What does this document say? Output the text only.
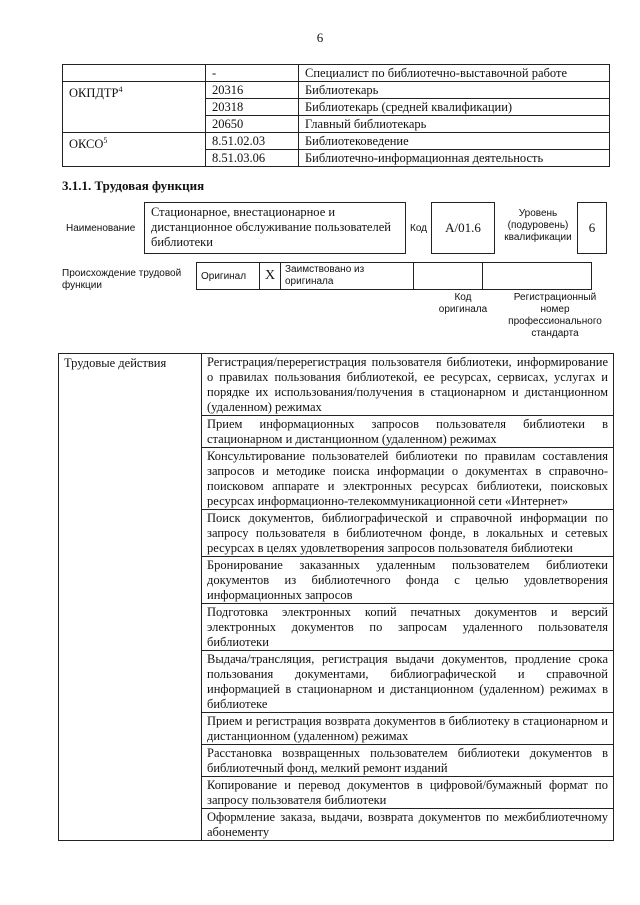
6
	-	Специалист по библиотечно-выставочной работе
ОКПДТР$^4$	20316	Библиотекарь
	20318	Библиотекарь (средней квалификации)
	20650	Главный библиотекарь
ОКСО$^5$	8.51.02.03	Библиотековедение
	8.51.03.06	Библиотечно-информационная деятельность
3.1.1. Трудовая функция
Наименование
Стационарное, внестационарное и дистанционное обслуживание пользователей библиотеки
Код	А/01.6
Уровень (подуровень) квалификации
6
Происхождение трудовой функции
Оригинал	X	Заимствовано из оригинала		
Код оригинала
Регистрационный номер профессионального стандарта
Трудовые действия	Регистрация/перерегистрация пользователя библиотеки, информирование о правилах пользования библиотекой, ее ресурсах, сервисах, услугах и порядке их использования/получения в стационарном и дистанционном (удаленном) режимах
Прием информационных запросов пользователя библиотеки в стационарном и дистанционном (удаленном) режимах
Консультирование пользователей библиотеки по правилам составления запросов и методике поиска информации о документах в справочно-поисковом аппарате и электронных ресурсах библиотеки, поисковых ресурсах информационно-телекоммуникационной сети «Интернет»
Поиск документов, библиографической и справочной информации по запросу пользователя в библиотечном фонде, в локальных и сетевых ресурсах в целях удовлетворения запросов пользователя библиотеки
Бронирование заказанных удаленным пользователем библиотеки документов из библиотечного фонда с целью удовлетворения информационных запросов
Подготовка электронных копий печатных документов и версий электронных документов по запросам удаленного пользователя библиотеки
Выдача/трансляция, регистрация выдачи документов, продление срока пользования документами, библиографической и справочной информацией в стационарном и дистанционном (удаленном) режимах в библиотеке
Прием и регистрация возврата документов в библиотеку в стационарном и дистанционном (удаленном) режимах
Расстановка возвращенных пользователем библиотеки документов в библиотечный фонд, мелкий ремонт изданий
Копирование и перевод документов в цифровой/бумажный формат по запросу пользователя библиотеки
Оформление заказа, выдачи, возврата документов по межбиблиотечному абонементу
